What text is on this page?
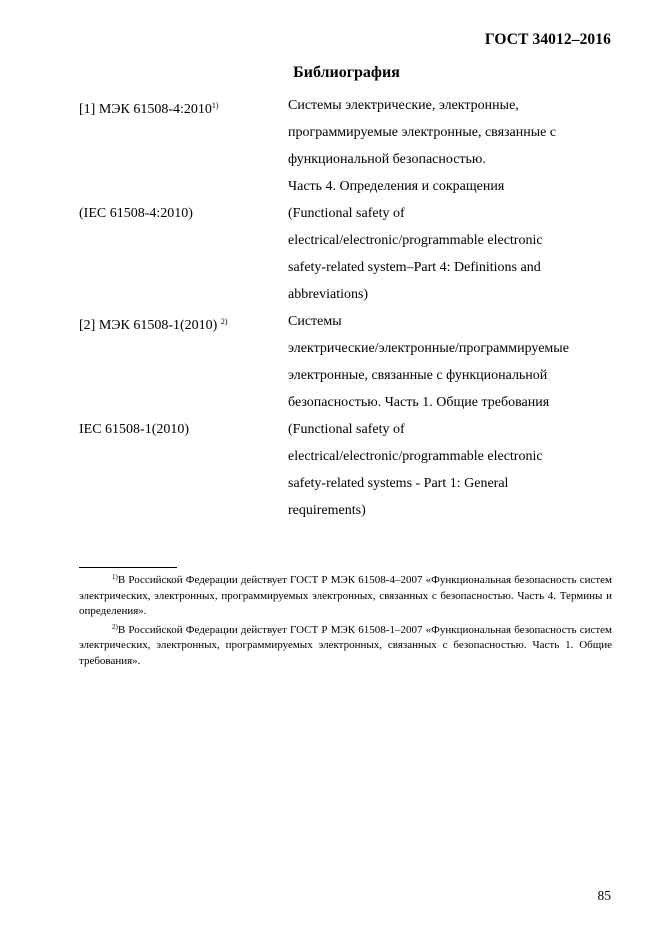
ГОСТ 34012–2016
Библиография
[1] МЭК 61508-4:2010$^{1)}$	Системы электрические, электронные,
программируемые электронные, связанные с
функциональной безопасностью.
Часть 4. Определения и сокращения
(IEC 61508-4:2010)	(Functional safety of
electrical/electronic/programmable electronic
safety-related system–Part 4: Definitions and
abbreviations)
[2] МЭК 61508-1(2010) $^{2)}$	Системы
электрические/электронные/программируемые
электронные, связанные с функциональной
безопасностью. Часть 1. Общие требования
IEC 61508-1(2010)	(Functional safety of
electrical/electronic/programmable electronic
safety-related systems - Part 1: General
requirements)
$^{1)}$В Российской Федерации действует ГОСТ Р МЭК 61508-4–2007 «Функциональная безопасность систем электрических, электронных, программируемых электронных, связанных с безопасностью. Часть 4. Термины и определения».
$^{2)}$В Российской Федерации действует ГОСТ Р МЭК 61508-1–2007 «Функциональная безопасность систем электрических, электронных, программируемых электронных, связанных с безопасностью. Часть 1. Общие требования».
85
